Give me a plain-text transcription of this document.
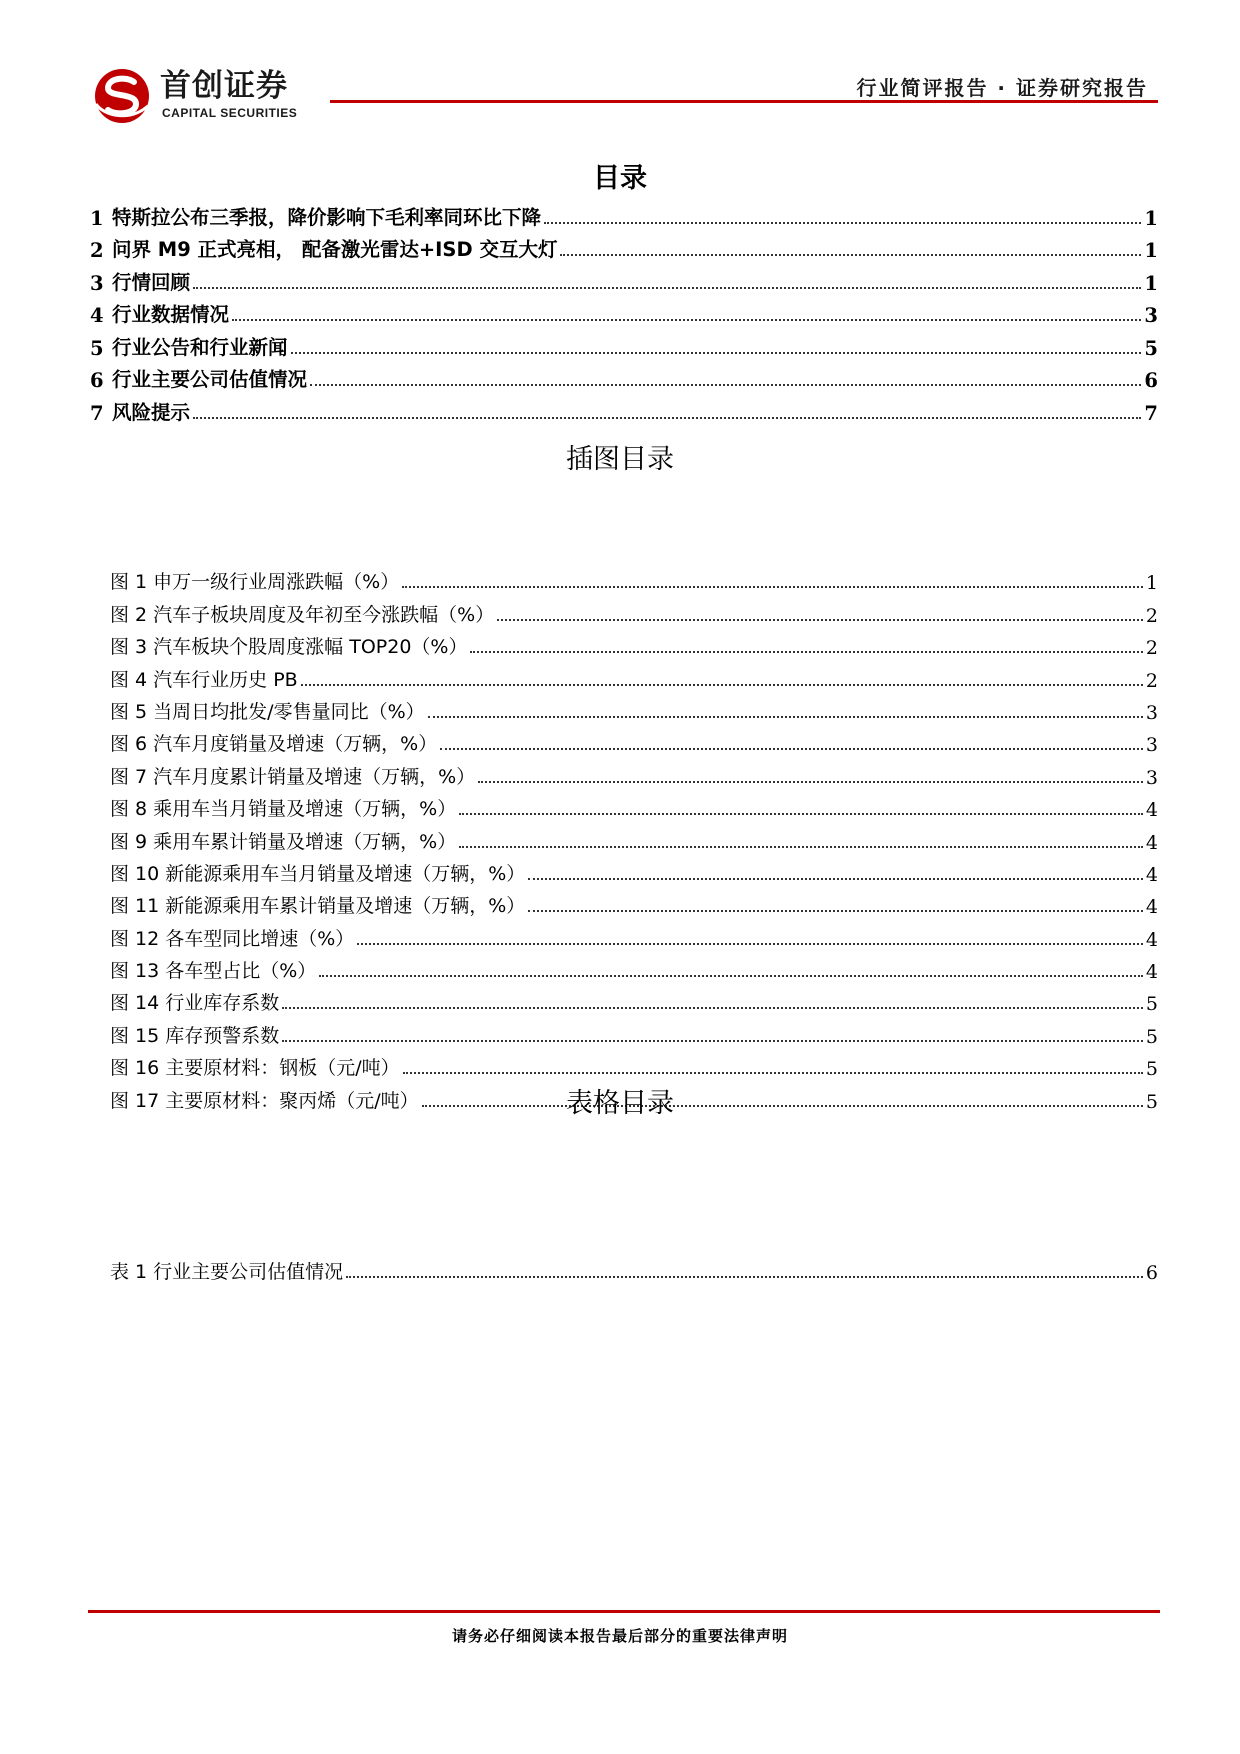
首创证券
CAPITAL SECURITIES
行业简评报告 · 证券研究报告
目录
1 特斯拉公布三季报，降价影响下毛利率同环比下降	1
2 问界 M9 正式亮相， 配备激光雷达+ISD 交互大灯	1
3 行情回顾	1
4 行业数据情况	3
5 行业公告和行业新闻	5
6 行业主要公司估值情况	6
7 风险提示	7
插图目录
图 1 申万一级行业周涨跌幅（%）	1
图 2 汽车子板块周度及年初至今涨跌幅（%）	2
图 3 汽车板块个股周度涨幅 TOP20（%）	2
图 4 汽车行业历史 PB	2
图 5 当周日均批发/零售量同比（%）	3
图 6 汽车月度销量及增速（万辆，%）	3
图 7 汽车月度累计销量及增速（万辆，%）	3
图 8 乘用车当月销量及增速（万辆，%）	4
图 9 乘用车累计销量及增速（万辆，%）	4
图 10 新能源乘用车当月销量及增速（万辆，%）	4
图 11 新能源乘用车累计销量及增速（万辆，%）	4
图 12 各车型同比增速（%）	4
图 13 各车型占比（%）	4
图 14 行业库存系数	5
图 15 库存预警系数	5
图 16 主要原材料：钢板（元/吨）	5
图 17 主要原材料：聚丙烯（元/吨）	5
表格目录
表 1 行业主要公司估值情况	6
请务必仔细阅读本报告最后部分的重要法律声明
